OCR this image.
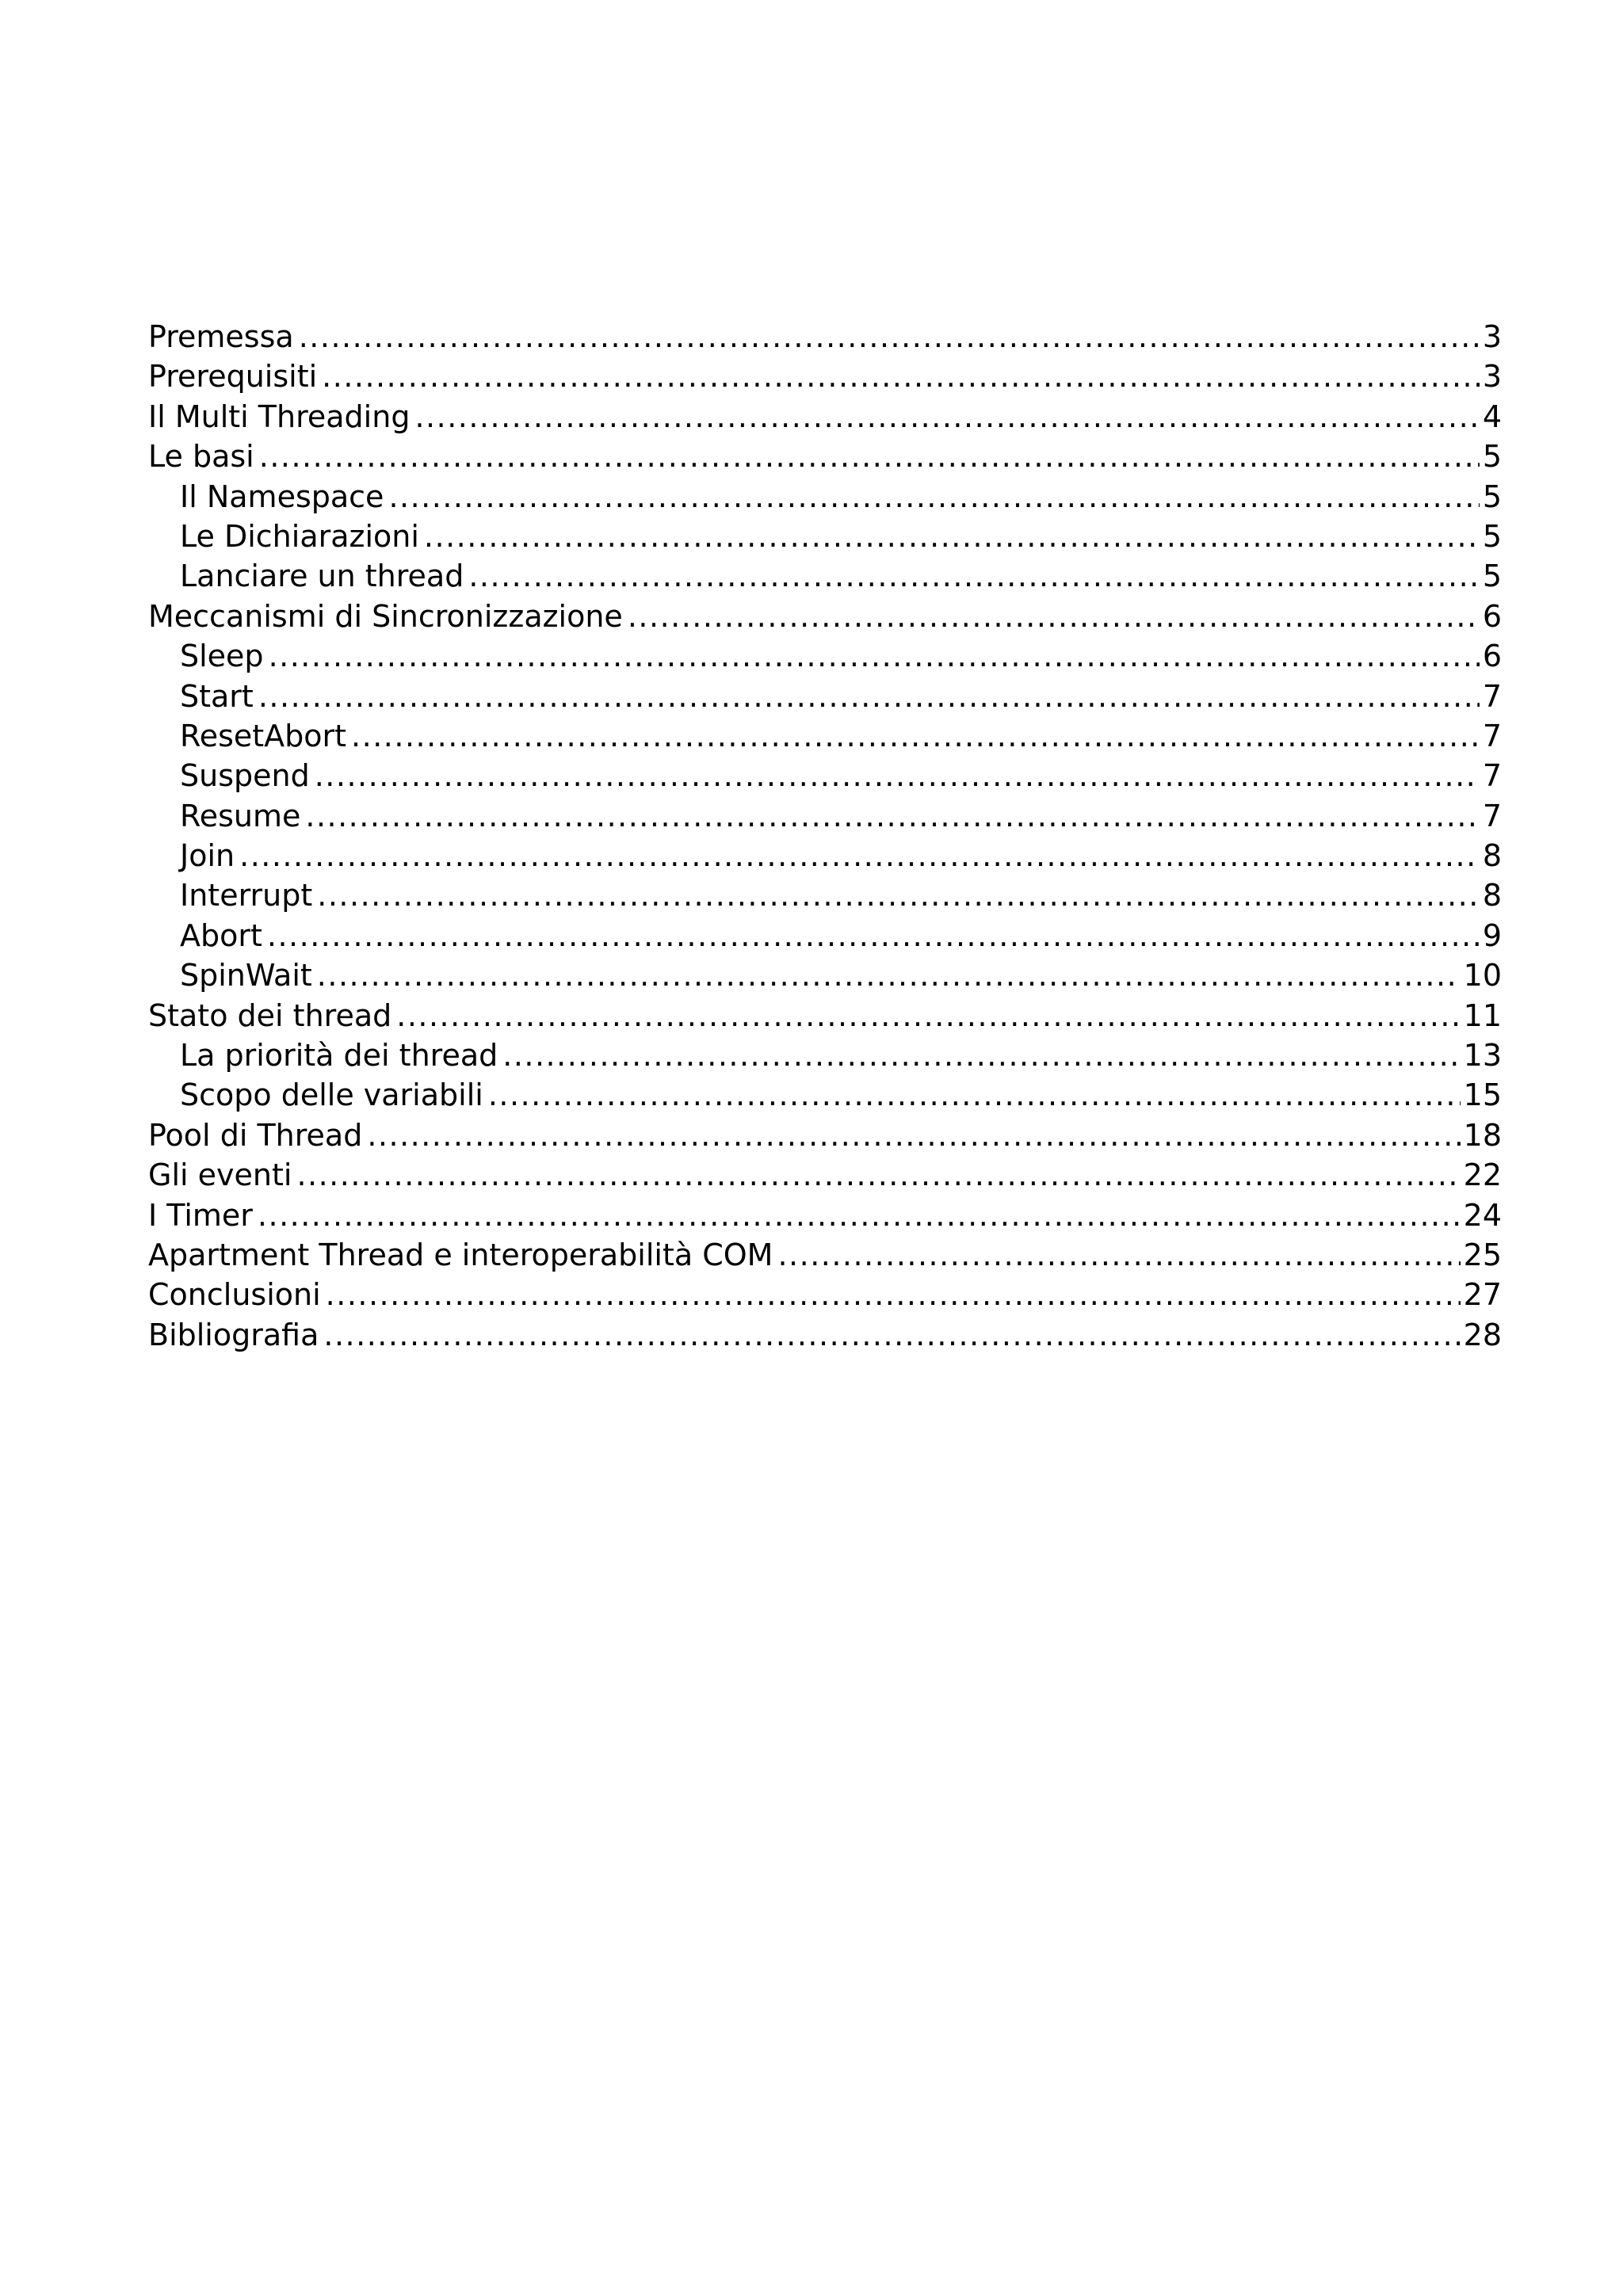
Premessa .....	3
Prerequisiti .....	3
Il Multi Threading .....	4
Le basi .....	5
Il Namespace .....	5
Le Dichiarazioni .....	5
Lanciare un thread .....	5
Meccanismi di Sincronizzazione .....	6
Sleep .....	6
Start .....	7
ResetAbort .....	7
Suspend .....	7
Resume .....	7
Join .....	8
Interrupt .....	8
Abort .....	9
SpinWait .....	10
Stato dei thread .....	11
La priorità dei thread .....	13
Scopo delle variabili .....	15
Pool di Thread .....	18
Gli eventi .....	22
I Timer .....	24
Apartment Thread e interoperabilità COM .....	25
Conclusioni .....	27
Bibliografia .....	28
